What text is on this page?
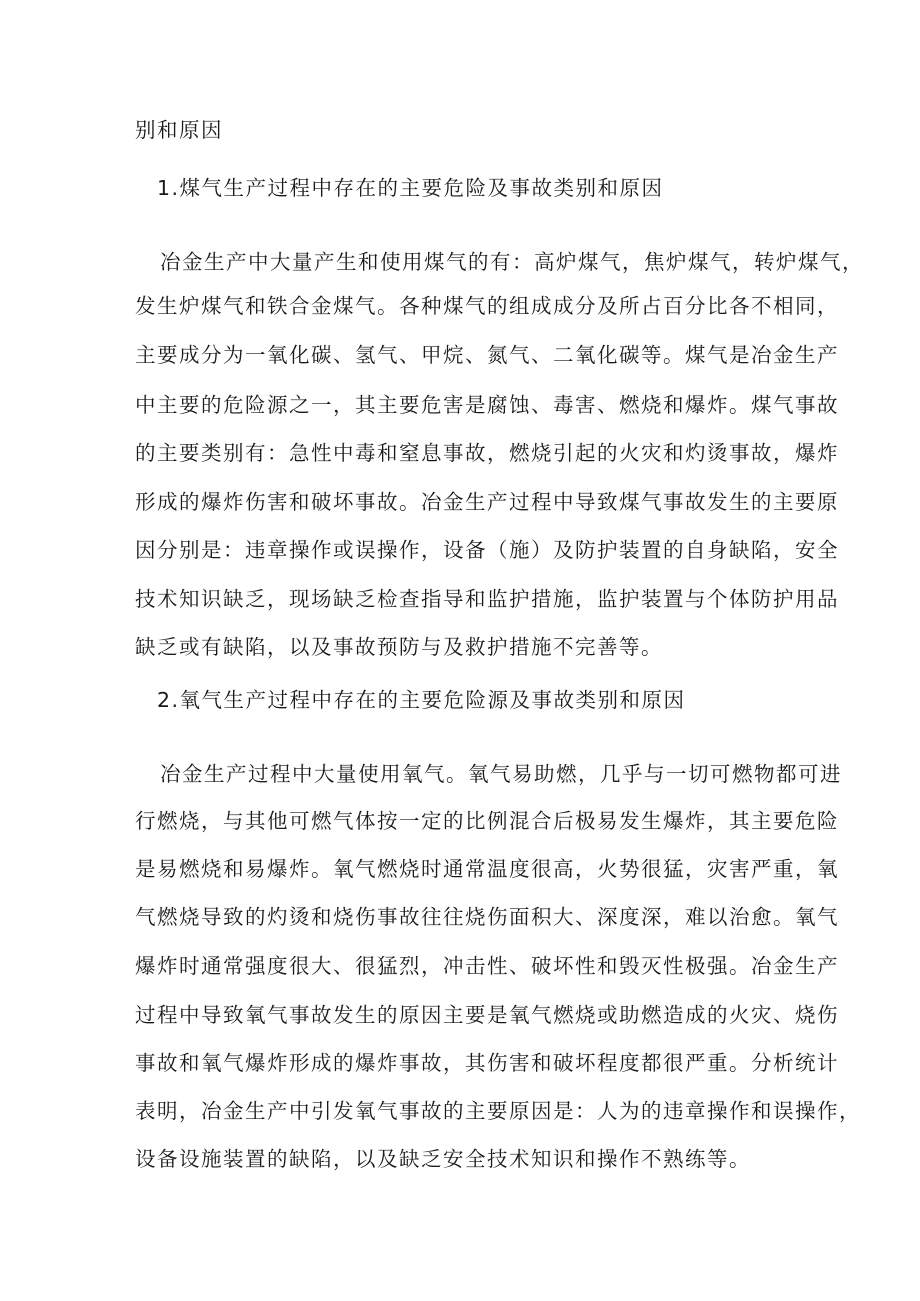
别和原因

1.煤气生产过程中存在的主要危险及事故类别和原因

冶金生产中大量产生和使用煤气的有：高炉煤气，焦炉煤气，转炉煤气，

发生炉煤气和铁合金煤气。各种煤气的组成成分及所占百分比各不相同，

主要成分为一氧化碳、氢气、甲烷、氮气、二氧化碳等。煤气是冶金生产

中主要的危险源之一，其主要危害是腐蚀、毒害、燃烧和爆炸。煤气事故

的主要类别有：急性中毒和窒息事故，燃烧引起的火灾和灼烫事故，爆炸

形成的爆炸伤害和破坏事故。冶金生产过程中导致煤气事故发生的主要原

因分别是：违章操作或误操作，设备（施）及防护装置的自身缺陷，安全

技术知识缺乏，现场缺乏检查指导和监护措施，监护装置与个体防护用品

缺乏或有缺陷，以及事故预防与及救护措施不完善等。

2.氧气生产过程中存在的主要危险源及事故类别和原因

冶金生产过程中大量使用氧气。氧气易助燃，几乎与一切可燃物都可进

行燃烧，与其他可燃气体按一定的比例混合后极易发生爆炸，其主要危险

是易燃烧和易爆炸。氧气燃烧时通常温度很高，火势很猛，灾害严重，氧

气燃烧导致的灼烫和烧伤事故往往烧伤面积大、深度深，难以治愈。氧气

爆炸时通常强度很大、很猛烈，冲击性、破坏性和毁灭性极强。冶金生产

过程中导致氧气事故发生的原因主要是氧气燃烧或助燃造成的火灾、烧伤

事故和氧气爆炸形成的爆炸事故，其伤害和破坏程度都很严重。分析统计

表明，冶金生产中引发氧气事故的主要原因是：人为的违章操作和误操作，

设备设施装置的缺陷，以及缺乏安全技术知识和操作不熟练等。
